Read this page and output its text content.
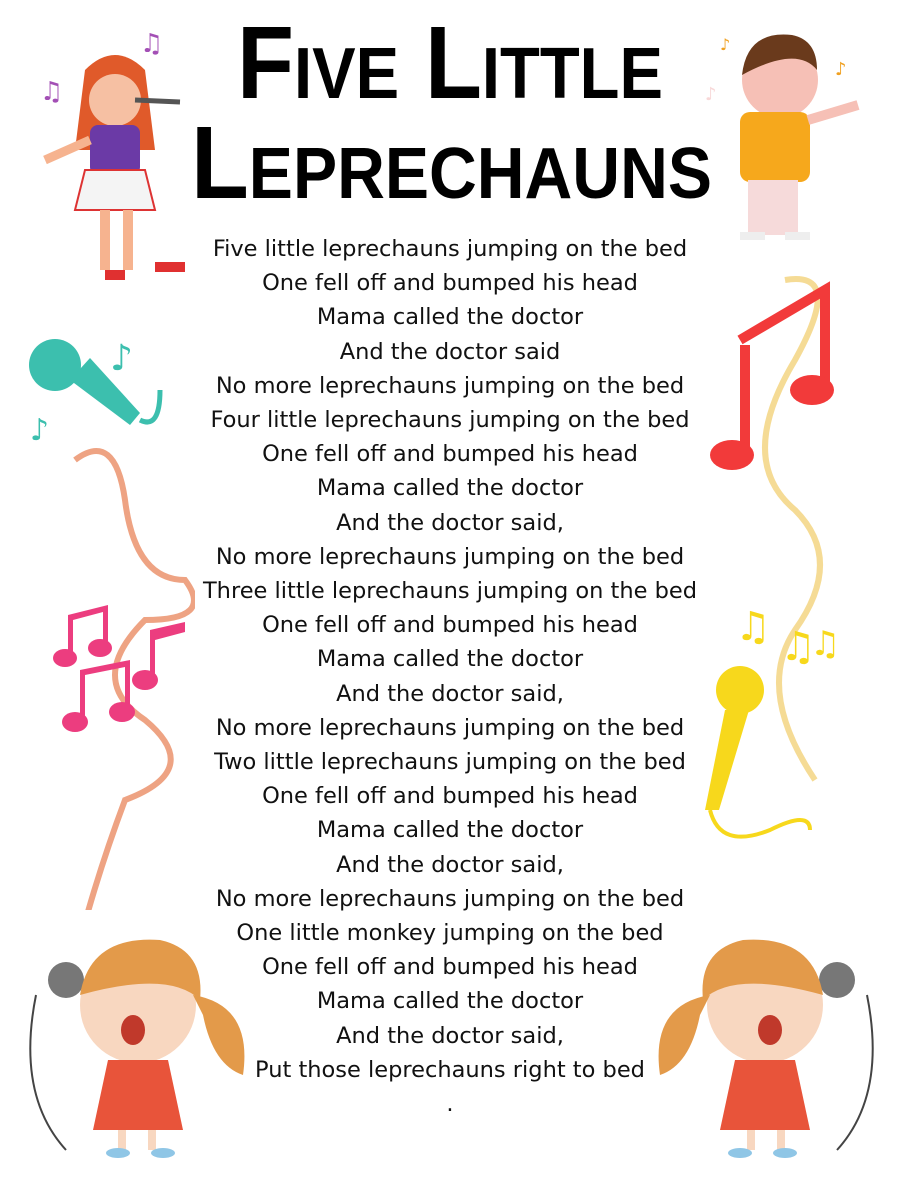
Five Little
Leprechauns
Five little leprechauns jumping on the bed
One fell off and bumped his head
Mama called the doctor
And the doctor said
No more leprechauns jumping on the bed
Four little leprechauns jumping on the bed
One fell off and bumped his head
Mama called the doctor
And the doctor said,
No more leprechauns jumping on the bed
Three little leprechauns jumping on the bed
One fell off and bumped his head
Mama called the doctor
And the doctor said,
No more leprechauns jumping on the bed
Two little leprechauns jumping on the bed
One fell off and bumped his head
Mama called the doctor
And the doctor said,
No more leprechauns jumping on the bed
One little monkey jumping on the bed
One fell off and bumped his head
Mama called the doctor
And the doctor said,
Put those leprechauns right to bed
.
♫
♫	♪
♪
♪
♪
♪
♫ ♫
♫
